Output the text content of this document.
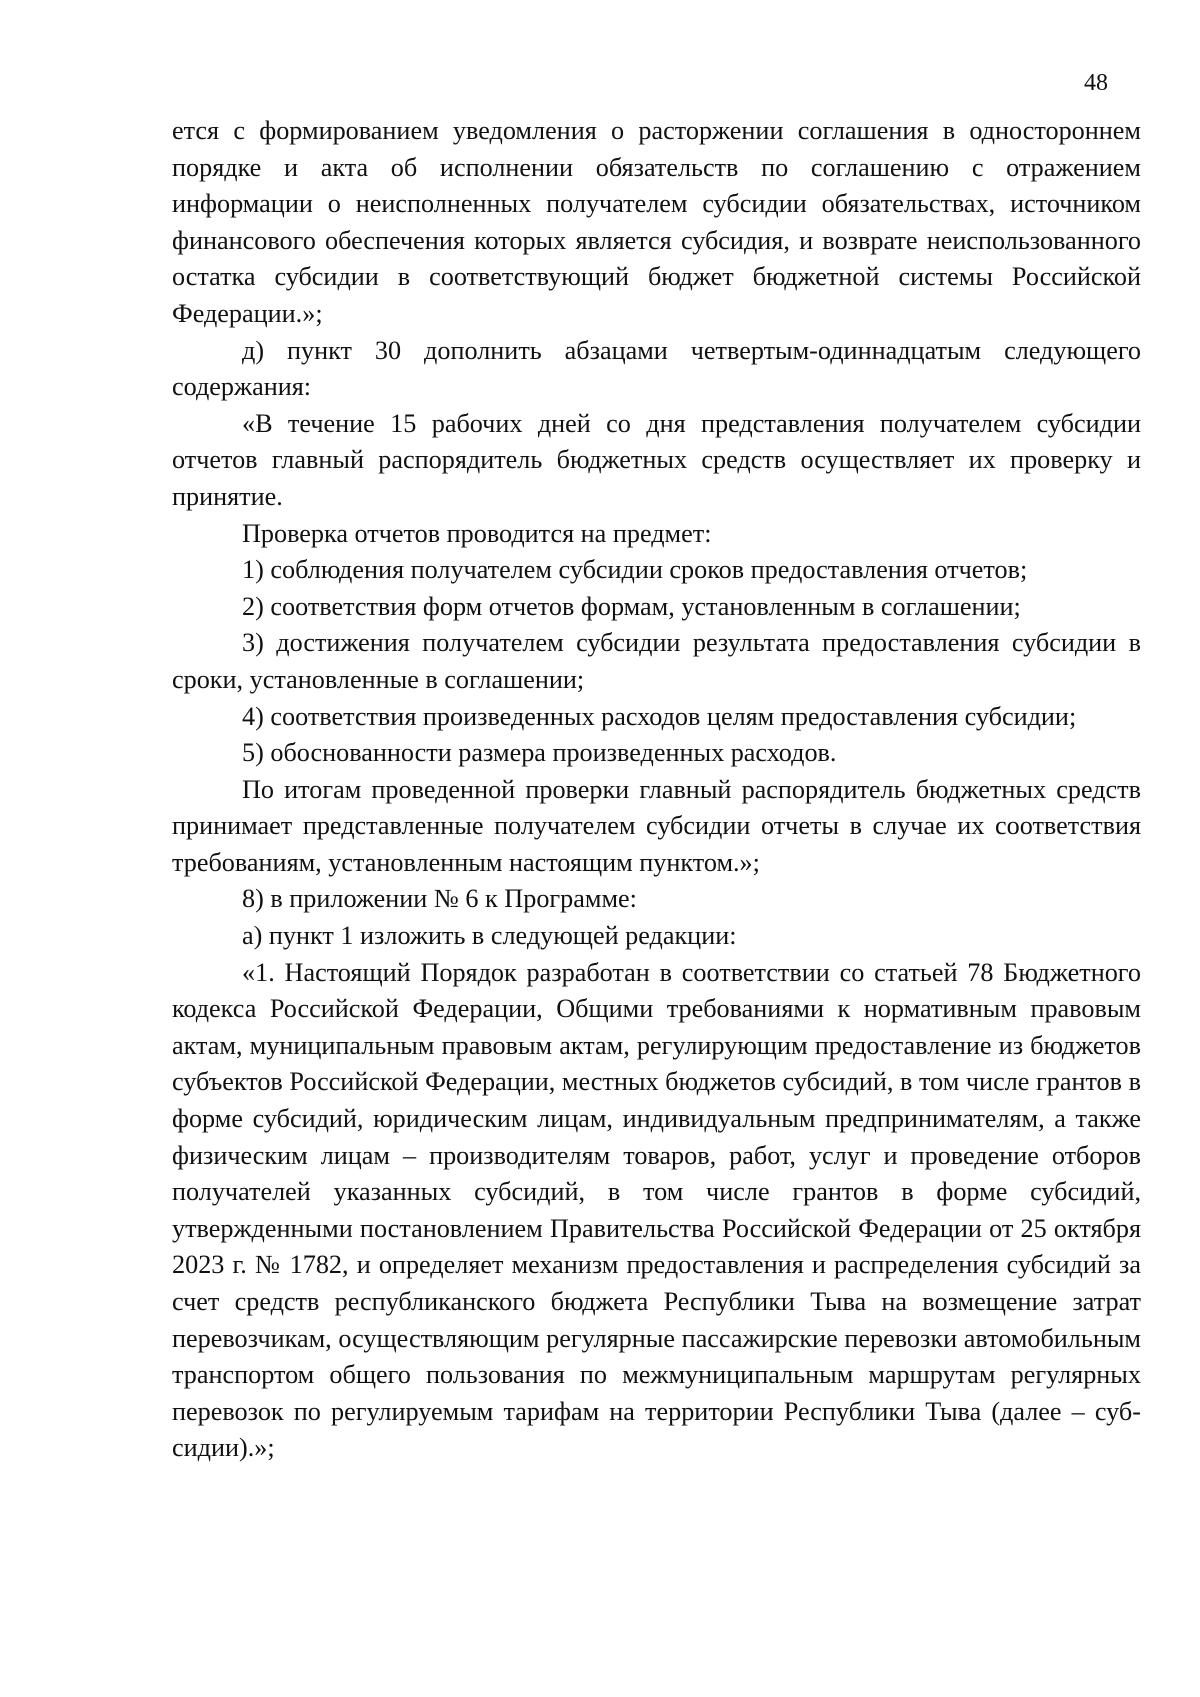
48

ется с формированием уведомления о расторжении соглашения в одностороннем порядке и акта об исполнении обязательств по соглашению с отражением информации о неисполненных получателем субсидии обязательствах, источником финансового обеспечения которых является субсидия, и возврате неиспользованного остатка субсидии в соответствующий бюджет бюджетной системы Российской Федерации.»;

д) пункт 30 дополнить абзацами четвертым-одиннадцатым следующего содержания:

«В течение 15 рабочих дней со дня представления получателем субсидии отчетов главный распорядитель бюджетных средств осуществляет их проверку и принятие.

Проверка отчетов проводится на предмет:

1) соблюдения получателем субсидии сроков предоставления отчетов;

2) соответствия форм отчетов формам, установленным в соглашении;

3) достижения получателем субсидии результата предоставления субсидии в сроки, установленные в соглашении;

4) соответствия произведенных расходов целям предоставления субсидии;

5) обоснованности размера произведенных расходов.

По итогам проведенной проверки главный распорядитель бюджетных средств принимает представленные получателем субсидии отчеты в случае их соответствия требованиям, установленным настоящим пунктом.»;

8) в приложении № 6 к Программе:

а) пункт 1 изложить в следующей редакции:

«1. Настоящий Порядок разработан в соответствии со статьей 78 Бюджетного кодекса Российской Федерации, Общими требованиями к нормативным правовым актам, муниципальным правовым актам, регулирующим предоставление из бюджетов субъектов Российской Федерации, местных бюджетов субсидий, в том числе грантов в форме субсидий, юридическим лицам, индивидуальным предпринимателям, а также физическим лицам – производителям товаров, работ, услуг и проведение отборов получателей указанных субсидий, в том числе грантов в форме субсидий, утвержденными постановлением Правительства Российской Федерации от 25 октября 2023 г. № 1782, и определяет механизм предоставления и распределения субсидий за счет средств республиканского бюджета Республики Тыва на возмещение затрат перевозчикам, осуществляющим регулярные пассажирские перевозки автомобильным транспортом общего пользования по межмуниципальным маршрутам регулярных перевозок по регулируемым тарифам на территории Республики Тыва (далее – субсидии).»;
